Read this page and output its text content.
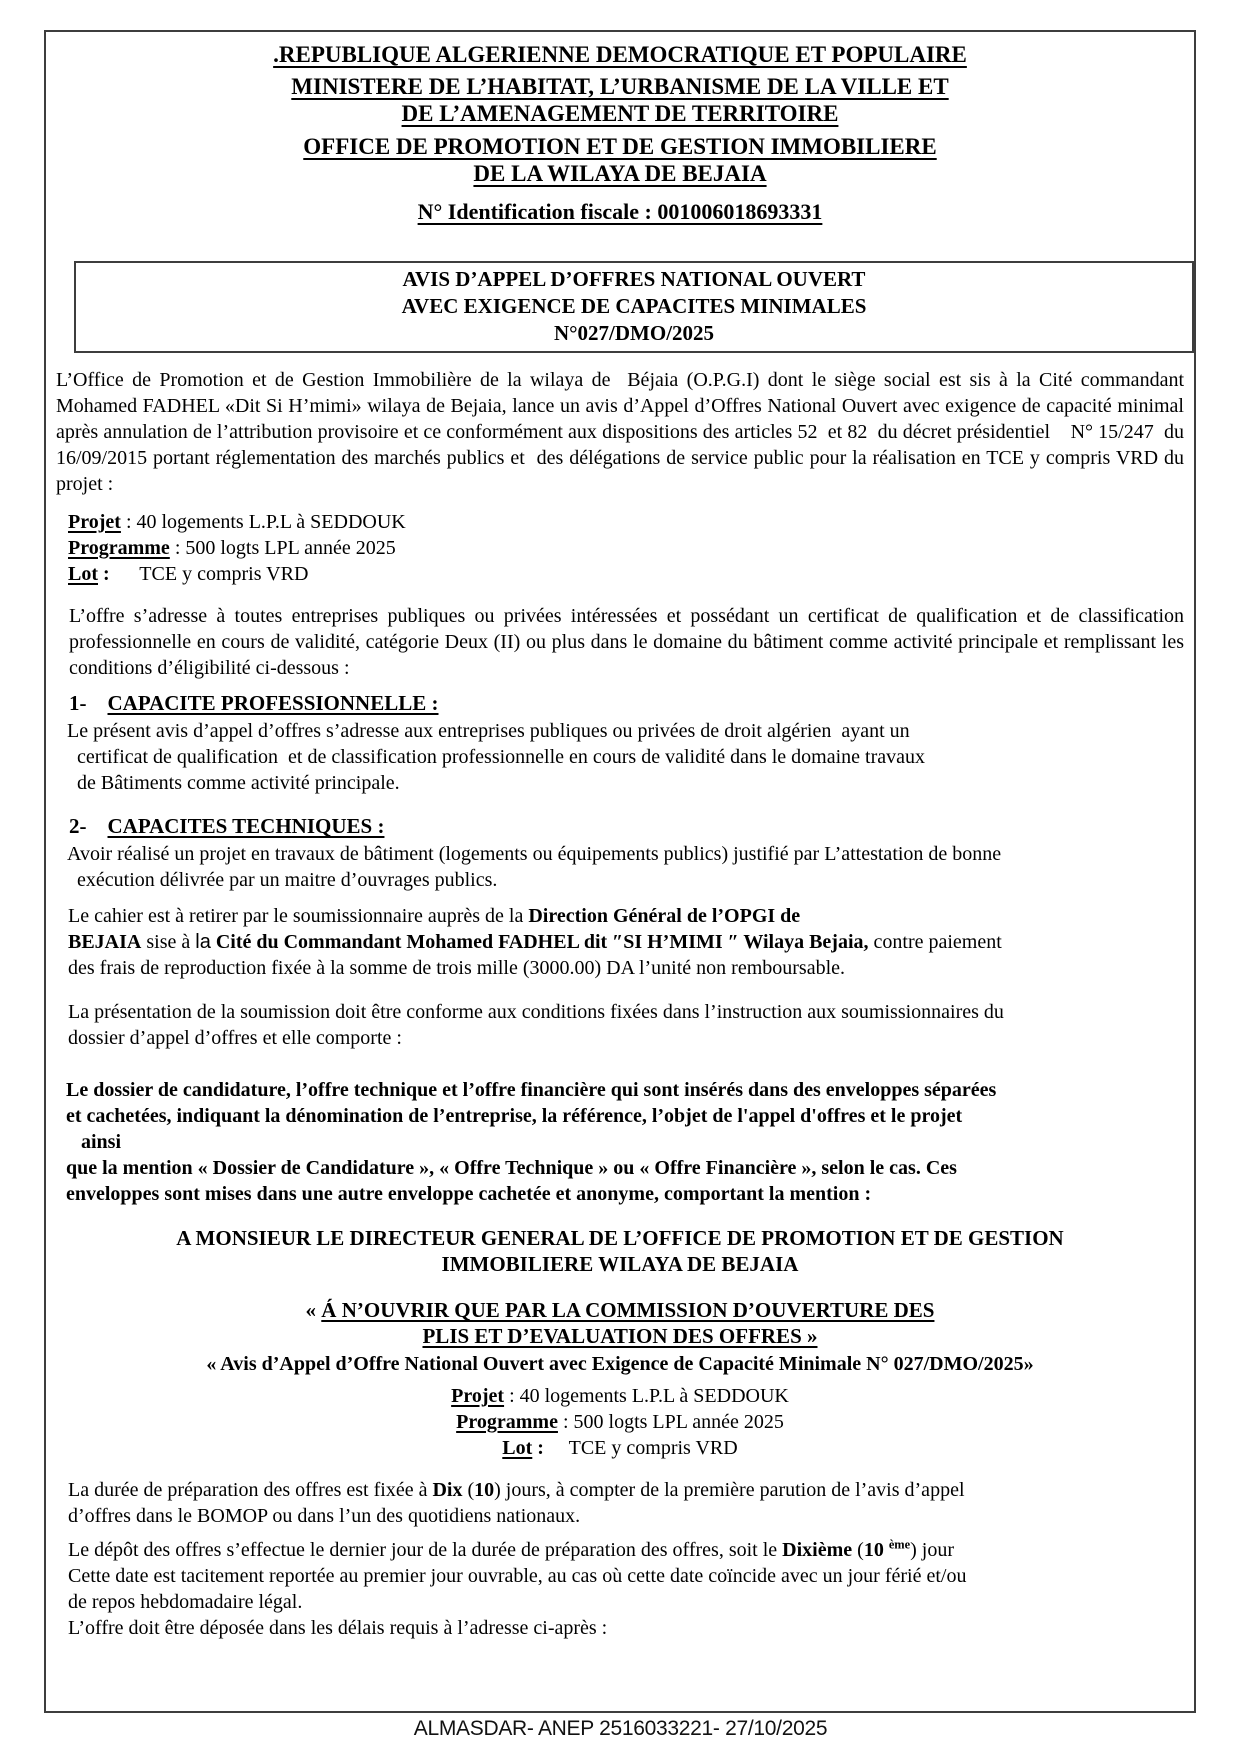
.REPUBLIQUE ALGERIENNE DEMOCRATIQUE ET POPULAIRE
MINISTERE DE L’HABITAT, L’URBANISME DE LA VILLE ET
DE L’AMENAGEMENT DE TERRITOIRE
OFFICE DE PROMOTION ET DE GESTION IMMOBILIERE
DE LA WILAYA DE BEJAIA
N° Identification fiscale : 001006018693331
AVIS D’APPEL D’OFFRES NATIONAL OUVERT
AVEC EXIGENCE DE CAPACITES MINIMALES
N°027/DMO/2025
L’Office de Promotion et de Gestion Immobilière de la wilaya de  Béjaia (O.P.G.I) dont le siège social est sis à la Cité commandant Mohamed FADHEL «Dit Si H’mimi» wilaya de Bejaia, lance un avis d’Appel d’Offres National Ouvert avec exigence de capacité minimal après annulation de l’attribution provisoire et ce conformément aux dispositions des articles 52  et 82  du décret présidentiel    N° 15/247  du 16/09/2015 portant réglementation des marchés publics et  des délégations de service public pour la réalisation en TCE y compris VRD du projet :
Projet : 40 logements L.P.L à SEDDOUK
Programme : 500 logts LPL année 2025
Lot :      TCE y compris VRD
L’offre s’adresse à toutes entreprises publiques ou privées intéressées et possédant un certificat de qualification et de classification professionnelle en cours de validité, catégorie Deux (II) ou plus dans le domaine du bâtiment comme activité principale et remplissant les conditions d’éligibilité ci-dessous :
1-    CAPACITE PROFESSIONNELLE :
Le présent avis d’appel d’offres s’adresse aux entreprises publiques ou privées de droit algérien  ayant un
certificat de qualification  et de classification professionnelle en cours de validité dans le domaine travaux
de Bâtiments comme activité principale.
2-    CAPACITES TECHNIQUES :
Avoir réalisé un projet en travaux de bâtiment (logements ou équipements publics) justifié par L’attestation de bonne
exécution délivrée par un maitre d’ouvrages publics.
Le cahier est à retirer par le soumissionnaire auprès de la Direction Général de l’OPGI de
BEJAIA sise à la Cité du Commandant Mohamed FADHEL dit ″SI H’MIMI ″ Wilaya Bejaia, contre paiement
des frais de reproduction fixée à la somme de trois mille (3000.00) DA l’unité non remboursable.
La présentation de la soumission doit être conforme aux conditions fixées dans l’instruction aux soumissionnaires du
dossier d’appel d’offres et elle comporte :
Le dossier de candidature, l’offre technique et l’offre financière qui sont insérés dans des enveloppes séparées
et cachetées, indiquant la dénomination de l’entreprise, la référence, l’objet de l'appel d'offres et le projet
ainsi
que la mention « Dossier de Candidature », « Offre Technique » ou « Offre Financière », selon le cas. Ces
enveloppes sont mises dans une autre enveloppe cachetée et anonyme, comportant la mention :
A MONSIEUR LE DIRECTEUR GENERAL DE L’OFFICE DE PROMOTION ET DE GESTION
IMMOBILIERE WILAYA DE BEJAIA
« Á N’OUVRIR QUE PAR LA COMMISSION D’OUVERTURE DES
PLIS ET D’EVALUATION DES OFFRES »
« Avis d’Appel d’Offre National Ouvert avec Exigence de Capacité Minimale N° 027/DMO/2025»
Projet : 40 logements L.P.L à SEDDOUK
Programme : 500 logts LPL année 2025
Lot :     TCE y compris VRD
La durée de préparation des offres est fixée à Dix (10) jours, à compter de la première parution de l’avis d’appel
d’offres dans le BOMOP ou dans l’un des quotidiens nationaux.
Le dépôt des offres s’effectue le dernier jour de la durée de préparation des offres, soit le Dixième (10 $^{ème}$) jour
Cette date est tacitement reportée au premier jour ouvrable, au cas où cette date coïncide avec un jour férié et/ou
de repos hebdomadaire légal.
L’offre doit être déposée dans les délais requis à l’adresse ci-après :
ALMASDAR- ANEP 2516033221- 27/10/2025
